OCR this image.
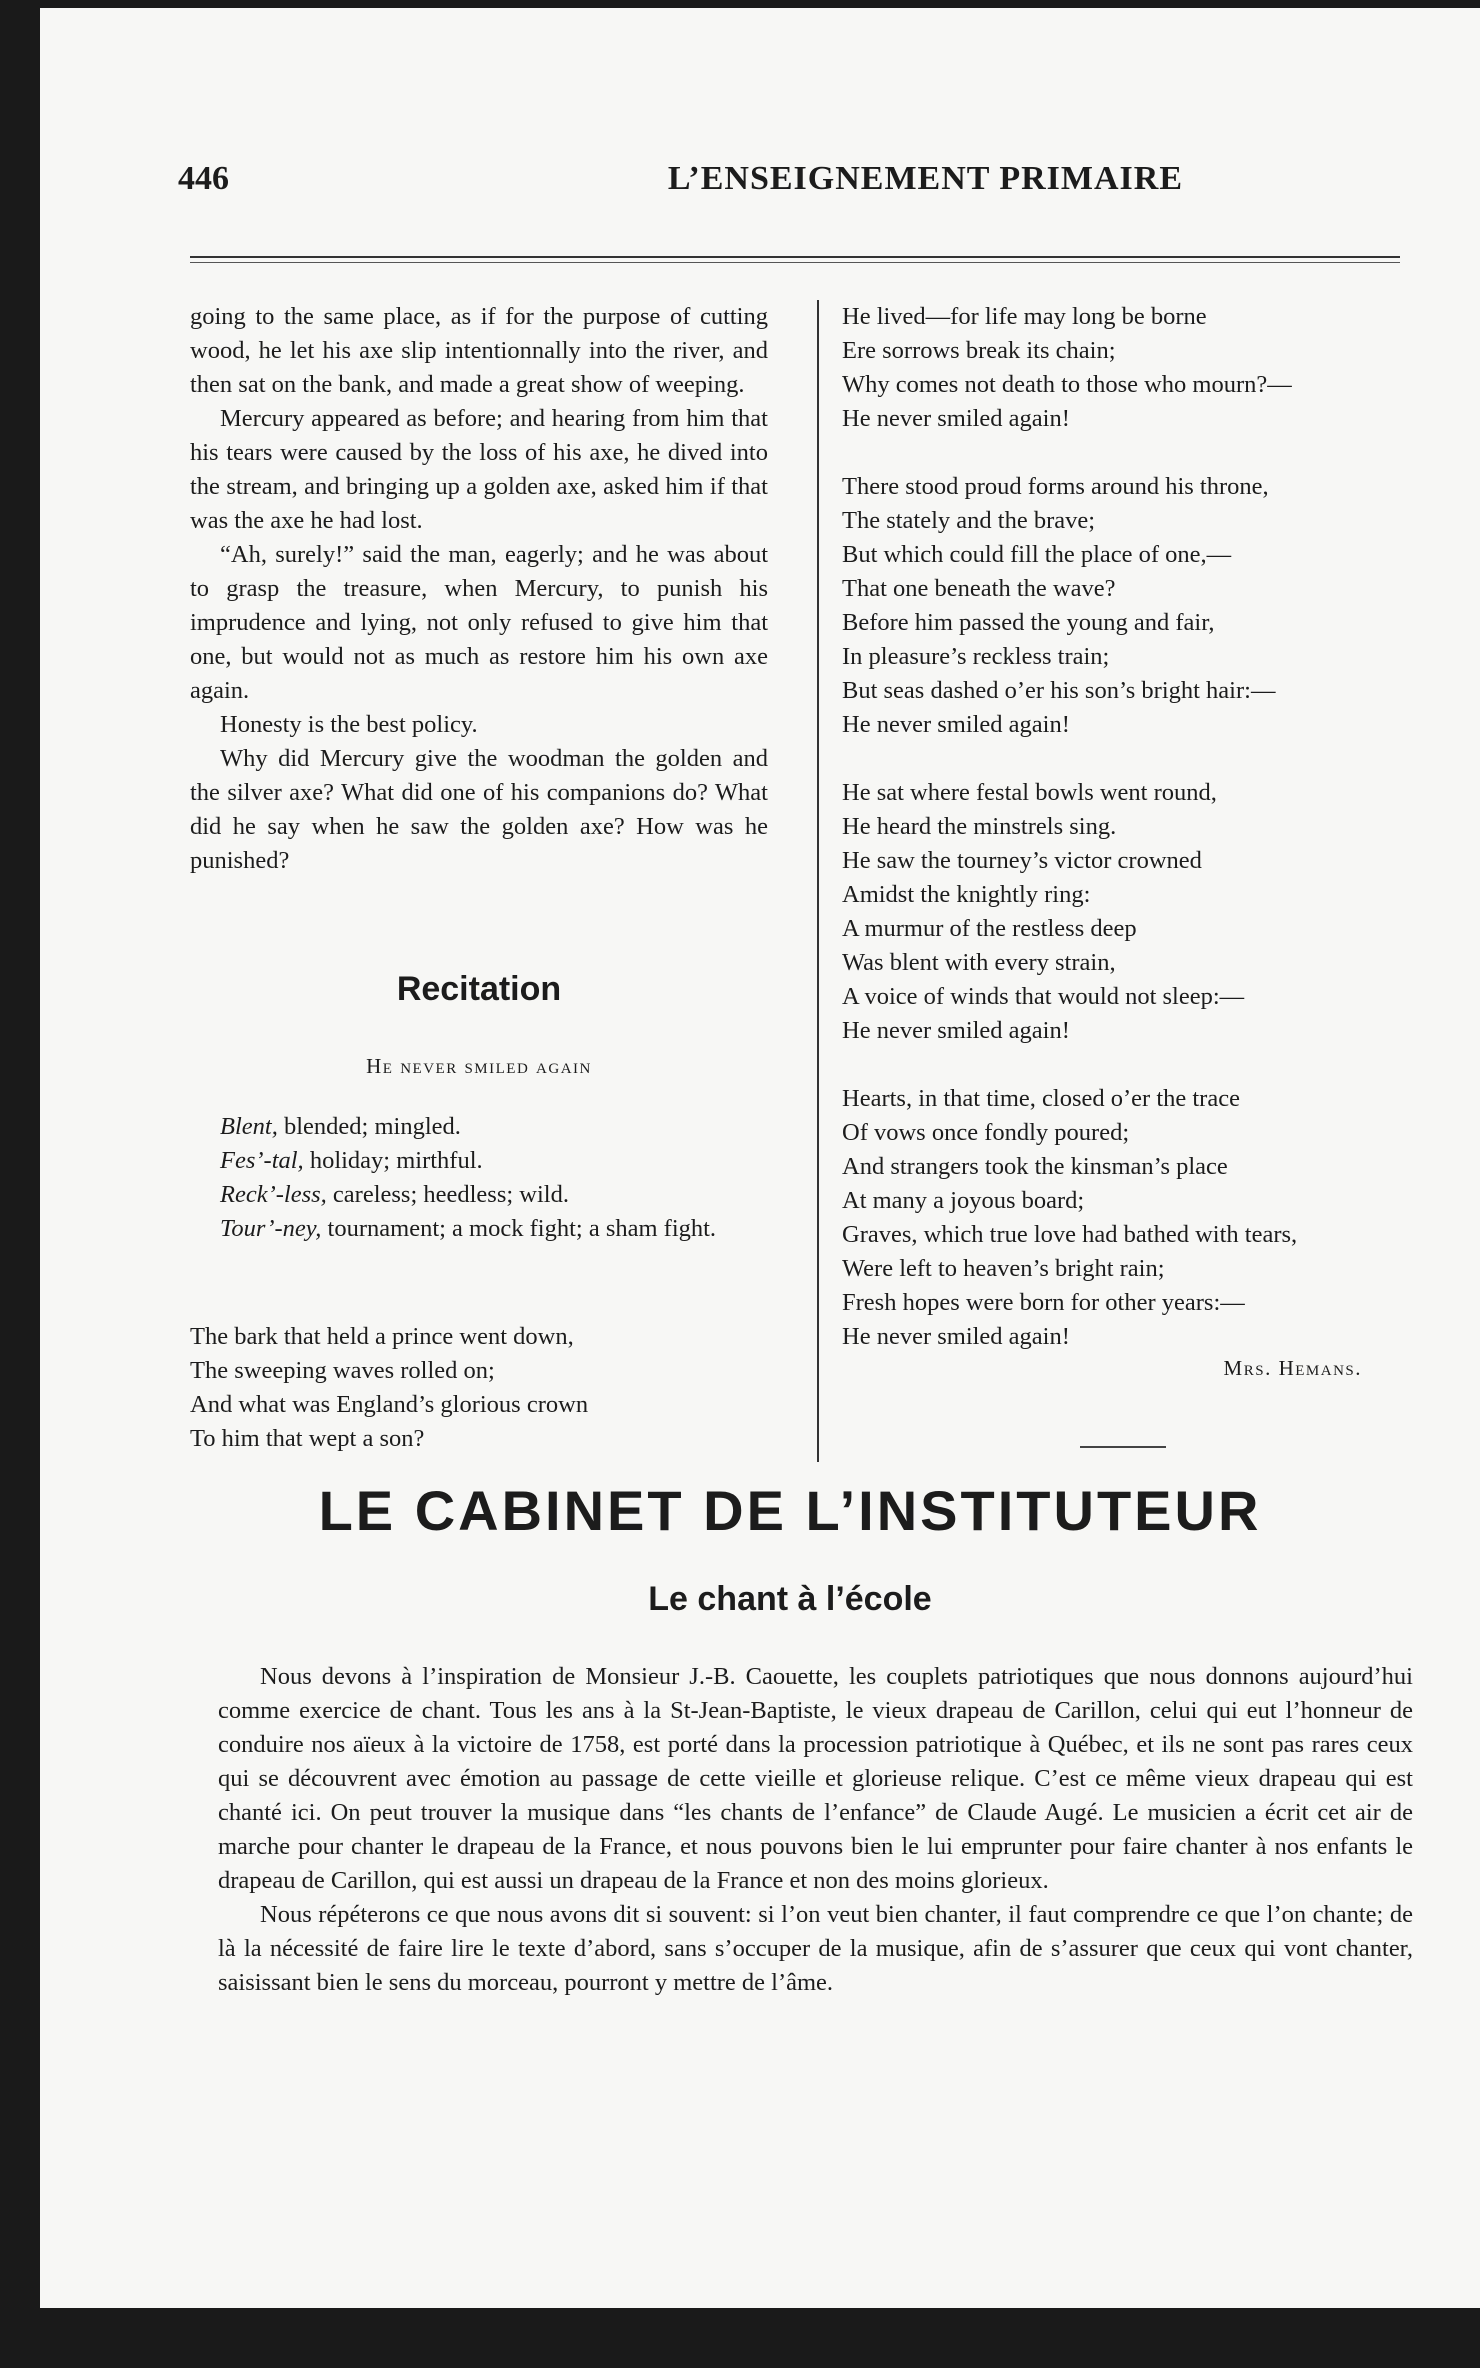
446	L’ENSEIGNEMENT PRIMAIRE

going to the same place, as if for the purpose of cutting wood, he let his axe slip intentionnally into the river, and then sat on the bank, and made a great show of weeping.

Mercury appeared as before; and hearing from him that his tears were caused by the loss of his axe, he dived into the stream, and bringing up a golden axe, asked him if that was the axe he had lost.

“Ah, surely!” said the man, eagerly; and he was about to grasp the treasure, when Mercury, to punish his imprudence and lying, not only refused to give him that one, but would not as much as restore him his own axe again.

Honesty is the best policy.

Why did Mercury give the woodman the golden and the silver axe? What did one of his companions do? What did he say when he saw the golden axe? How was he punished?

Recitation
He never smiled again

Blent, blended; mingled.

Fes’-tal, holiday; mirthful.

Reck’-less, careless; heedless; wild.

Tour’-ney, tournament; a mock fight; a sham fight.

The bark that held a prince went down,
The sweeping waves rolled on;
And what was England’s glorious crown
To him that wept a son?
He lived—for life may long be borne
Ere sorrows break its chain;
Why comes not death to those who mourn?—
He never smiled again!
There stood proud forms around his throne,
The stately and the brave;
But which could fill the place of one,—
That one beneath the wave?
Before him passed the young and fair,
In pleasure’s reckless train;
But seas dashed o’er his son’s bright hair:—
He never smiled again!
He sat where festal bowls went round,
He heard the minstrels sing.
He saw the tourney’s victor crowned
Amidst the knightly ring:
A murmur of the restless deep
Was blent with every strain,
A voice of winds that would not sleep:—
He never smiled again!
Hearts, in that time, closed o’er the trace
Of vows once fondly poured;
And strangers took the kinsman’s place
At many a joyous board;
Graves, which true love had bathed with tears,
Were left to heaven’s bright rain;
Fresh hopes were born for other years:—
He never smiled again!
Mrs. Hemans.
LE CABINET DE L’INSTITUTEUR
Le chant à l’école

Nous devons à l’inspiration de Monsieur J.-B. Caouette, les couplets patriotiques que nous donnons aujourd’hui comme exercice de chant. Tous les ans à la St-Jean-Baptiste, le vieux drapeau de Carillon, celui qui eut l’honneur de conduire nos aïeux à la victoire de 1758, est porté dans la procession patriotique à Québec, et ils ne sont pas rares ceux qui se découvrent avec émotion au passage de cette vieille et glorieuse relique. C’est ce même vieux drapeau qui est chanté ici. On peut trouver la musique dans “les chants de l’enfance” de Claude Augé. Le musicien a écrit cet air de marche pour chanter le drapeau de la France, et nous pouvons bien le lui emprunter pour faire chanter à nos enfants le drapeau de Carillon, qui est aussi un drapeau de la France et non des moins glorieux.

Nous répéterons ce que nous avons dit si souvent: si l’on veut bien chanter, il faut comprendre ce que l’on chante; de là la nécessité de faire lire le texte d’abord, sans s’occuper de la musique, afin de s’assurer que ceux qui vont chanter, saisissant bien le sens du morceau, pourront y mettre de l’âme.
